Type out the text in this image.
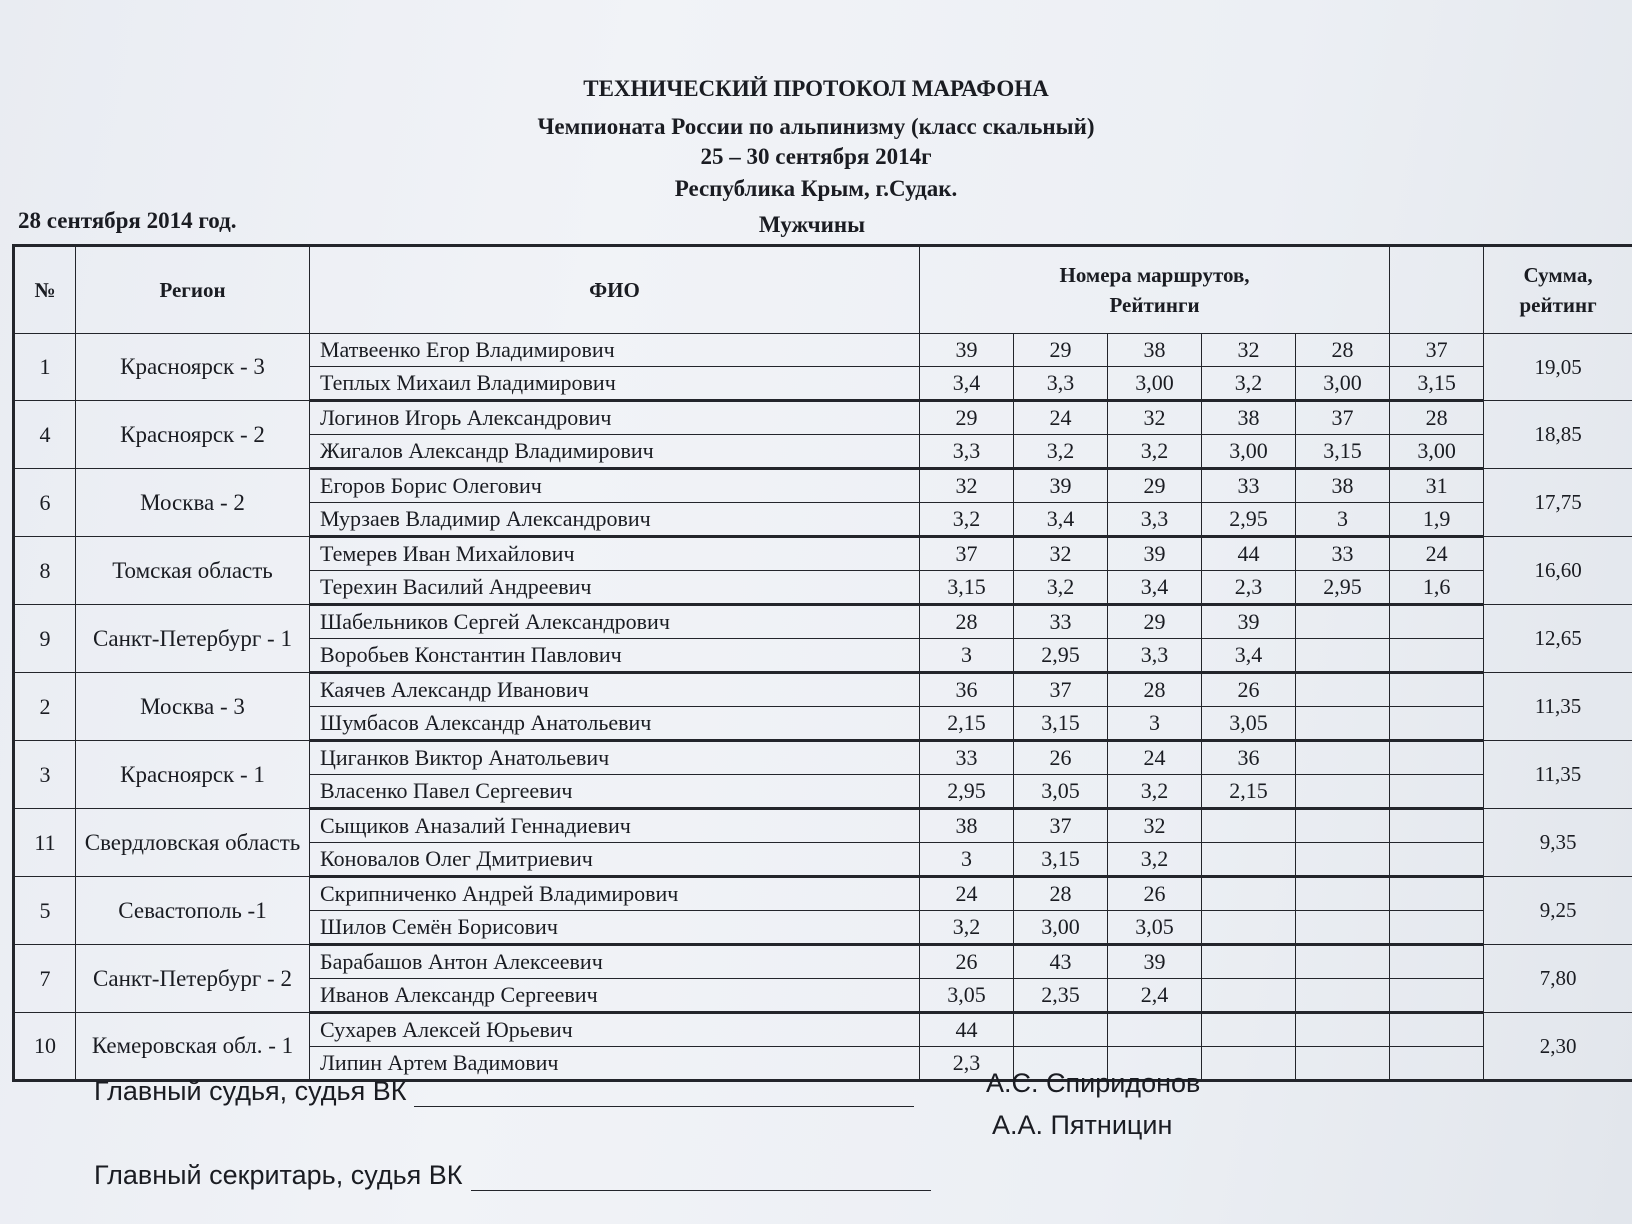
ТЕХНИЧЕСКИЙ ПРОТОКОЛ МАРАФОНА
Чемпионата России по альпинизму (класс скальный)
25 – 30 сентября 2014г
Республика Крым, г.Судак.
Мужчины
28 сентября 2014 год.
№	Регион	ФИО	Номера маршрутов,
Рейтинги						Сумма,
рейтинг
1	Красноярск - 3	Матвеенко Егор Владимирович	39	29	38	32	28	37	19,05
		Теплых Михаил Владимирович	3,4	3,3	3,00	3,2	3,00	3,15	
4	Красноярск - 2	Логинов Игорь Александрович	29	24	32	38	37	28	18,85
		Жигалов Александр Владимирович	3,3	3,2	3,2	3,00	3,15	3,00	
6	Москва - 2	Егоров Борис Олегович	32	39	29	33	38	31	17,75
		Мурзаев Владимир Александрович	3,2	3,4	3,3	2,95	3	1,9	
8	Томская область	Темерев Иван Михайлович	37	32	39	44	33	24	16,60
		Терехин Василий Андреевич	3,15	3,2	3,4	2,3	2,95	1,6	
9	Санкт-Петербург - 1	Шабельников Сергей Александрович	28	33	29	39			12,65
		Воробьев Константин Павлович	3	2,95	3,3	3,4			
2	Москва - 3	Каячев Александр Иванович	36	37	28	26			11,35
		Шумбасов Александр Анатольевич	2,15	3,15	3	3,05			
3	Красноярск - 1	Циганков Виктор Анатольевич	33	26	24	36			11,35
		Власенко Павел Сергеевич	2,95	3,05	3,2	2,15			
11	Свердловская область	Сыщиков Аназалий Геннадиевич	38	37	32				9,35
		Коновалов Олег Дмитриевич	3	3,15	3,2				
5	Севастополь -1	Скрипниченко Андрей Владимирович	24	28	26				9,25
		Шилов Семён Борисович	3,2	3,00	3,05				
7	Санкт-Петербург - 2	Барабашов Антон Алексеевич	26	43	39				7,80
		Иванов Александр Сергеевич	3,05	2,35	2,4				
10	Кемеровская обл. - 1	Сухарев Алексей Юрьевич	44						2,30
		Липин Артем Вадимович	2,3						
Главный судья, судья ВК	А.С. Спиридонов
Главный секритарь, судья ВК
А.А. Пятницин
